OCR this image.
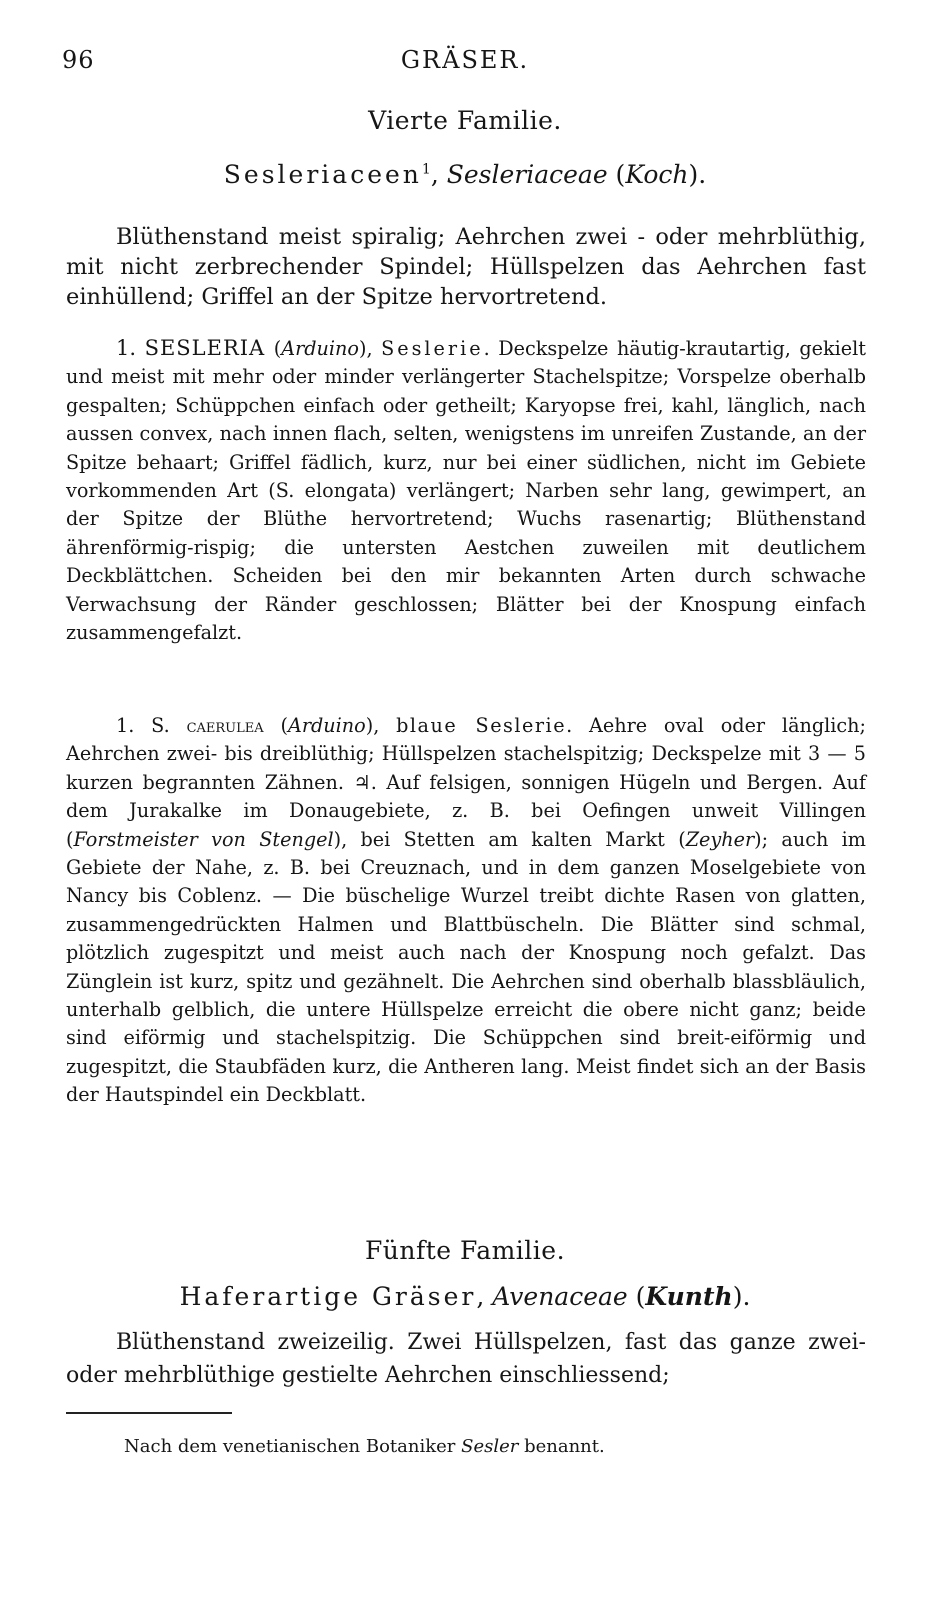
96	GRÄSER.
Vierte Familie.
Sesleriaceen$^1$, Sesleriaceae (Koch).
Blüthenstand meist spiralig; Aehrchen zwei - oder mehrblüthig, mit nicht zerbrechender Spindel; Hüllspelzen das Aehrchen fast einhüllend; Griffel an der Spitze hervortretend.
1. SESLERIA (Arduino), Seslerie. Deckspelze häutig-krautartig, gekielt und meist mit mehr oder minder verlängerter Stachelspitze; Vorspelze oberhalb gespalten; Schüppchen einfach oder getheilt; Karyopse frei, kahl, länglich, nach aussen convex, nach innen flach, selten, wenigstens im unreifen Zustande, an der Spitze behaart; Griffel fädlich, kurz, nur bei einer südlichen, nicht im Gebiete vorkommenden Art (S. elongata) verlängert; Narben sehr lang, gewimpert, an der Spitze der Blüthe hervortretend; Wuchs rasenartig; Blüthenstand ährenförmig-rispig; die untersten Aestchen zuweilen mit deutlichem Deckblättchen. Scheiden bei den mir bekannten Arten durch schwache Verwachsung der Ränder geschlossen; Blätter bei der Knospung einfach zusammengefalzt.
1. S. caerulea (Arduino), blaue Seslerie. Aehre oval oder länglich; Aehrchen zwei- bis dreiblüthig; Hüllspelzen stachelspitzig; Deckspelze mit 3 — 5 kurzen begrannten Zähnen. ♃. Auf felsigen, sonnigen Hügeln und Bergen. Auf dem Jurakalke im Donaugebiete, z. B. bei Oefingen unweit Villingen (Forstmeister von Stengel), bei Stetten am kalten Markt (Zeyher); auch im Gebiete der Nahe, z. B. bei Creuznach, und in dem ganzen Moselgebiete von Nancy bis Coblenz. — Die büschelige Wurzel treibt dichte Rasen von glatten, zusammengedrückten Halmen und Blattbüscheln. Die Blätter sind schmal, plötzlich zugespitzt und meist auch nach der Knospung noch gefalzt. Das Zünglein ist kurz, spitz und gezähnelt. Die Aehrchen sind oberhalb blassbläulich, unterhalb gelblich, die untere Hüllspelze erreicht die obere nicht ganz; beide sind eiförmig und stachelspitzig. Die Schüppchen sind breit-eiförmig und zugespitzt, die Staubfäden kurz, die Antheren lang. Meist findet sich an der Basis der Hautspindel ein Deckblatt.
Fünfte Familie.
Haferartige Gräser, Avenaceae (Kunth).
Blüthenstand zweizeilig. Zwei Hüllspelzen, fast das ganze zwei- oder mehrblüthige gestielte Aehrchen einschliessend;
Nach dem venetianischen Botaniker Sesler benannt.
